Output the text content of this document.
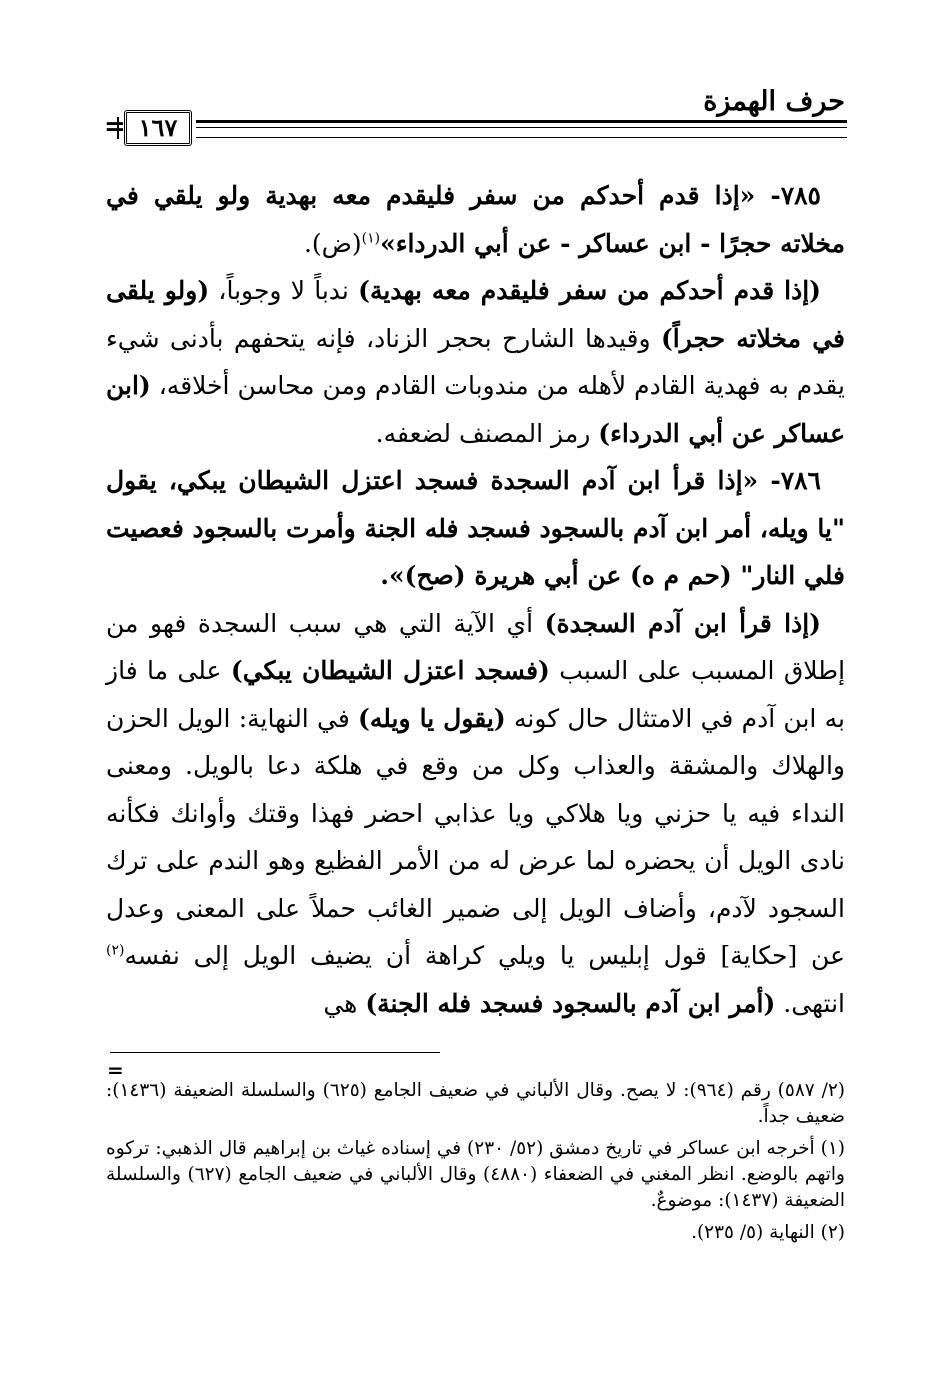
حرف الهمزة
١٦٧
=

٧٨٥- «إذا قدم أحدكم من سفر فليقدم معه بهدية ولو يلقي في مخلاته حجرًا - ابن عساكر - عن أبي الدرداء»$^{(١)}$(ض).

(إذا قدم أحدكم من سفر فليقدم معه بهدية) ندباً لا وجوباً، (ولو يلقى في مخلاته حجراً) وقيدها الشارح بحجر الزناد، فإنه يتحفهم بأدنى شيء يقدم به فهدية القادم لأهله من مندوبات القادم ومن محاسن أخلاقه، (ابن عساكر عن أبي الدرداء) رمز المصنف لضعفه.

٧٨٦- «إذا قرأ ابن آدم السجدة فسجد اعتزل الشيطان يبكي، يقول "يا ويله، أمر ابن آدم بالسجود فسجد فله الجنة وأمرت بالسجود فعصيت فلي النار" (حم م ه) عن أبي هريرة (صح)».

(إذا قرأ ابن آدم السجدة) أي الآية التي هي سبب السجدة فهو من إطلاق المسبب على السبب (فسجد اعتزل الشيطان يبكي) على ما فاز به ابن آدم في الامتثال حال كونه (يقول يا ويله) في النهاية: الويل الحزن والهلاك والمشقة والعذاب وكل من وقع في هلكة دعا بالويل. ومعنى النداء فيه يا حزني ويا هلاكي ويا عذابي احضر فهذا وقتك وأوانك فكأنه نادى الويل أن يحضره لما عرض له من الأمر الفظيع وهو الندم على ترك السجود لآدم، وأضاف الويل إلى ضمير الغائب حملاً على المعنى وعدل عن [حكاية] قول إبليس يا ويلي كراهة أن يضيف الويل إلى نفسه$^{(٢)}$ انتهى. (أمر ابن آدم بالسجود فسجد فله الجنة) هي

=

(٢/ ٥٨٧) رقم (٩٦٤): لا يصح. وقال الألباني في ضعيف الجامع (٦٢٥) والسلسلة الضعيفة (١٤٣٦): ضعيف جداً.

(١) أخرجه ابن عساكر في تاريخ دمشق (٥٢/ ٢٣٠) في إسناده غياث بن إبراهيم قال الذهبي: تركوه واتهم بالوضع. انظر المغني في الضعفاء (٤٨٨٠) وقال الألباني في ضعيف الجامع (٦٢٧) والسلسلة الضعيفة (١٤٣٧): موضوعٌ.

(٢) النهاية (٥/ ٢٣٥).
